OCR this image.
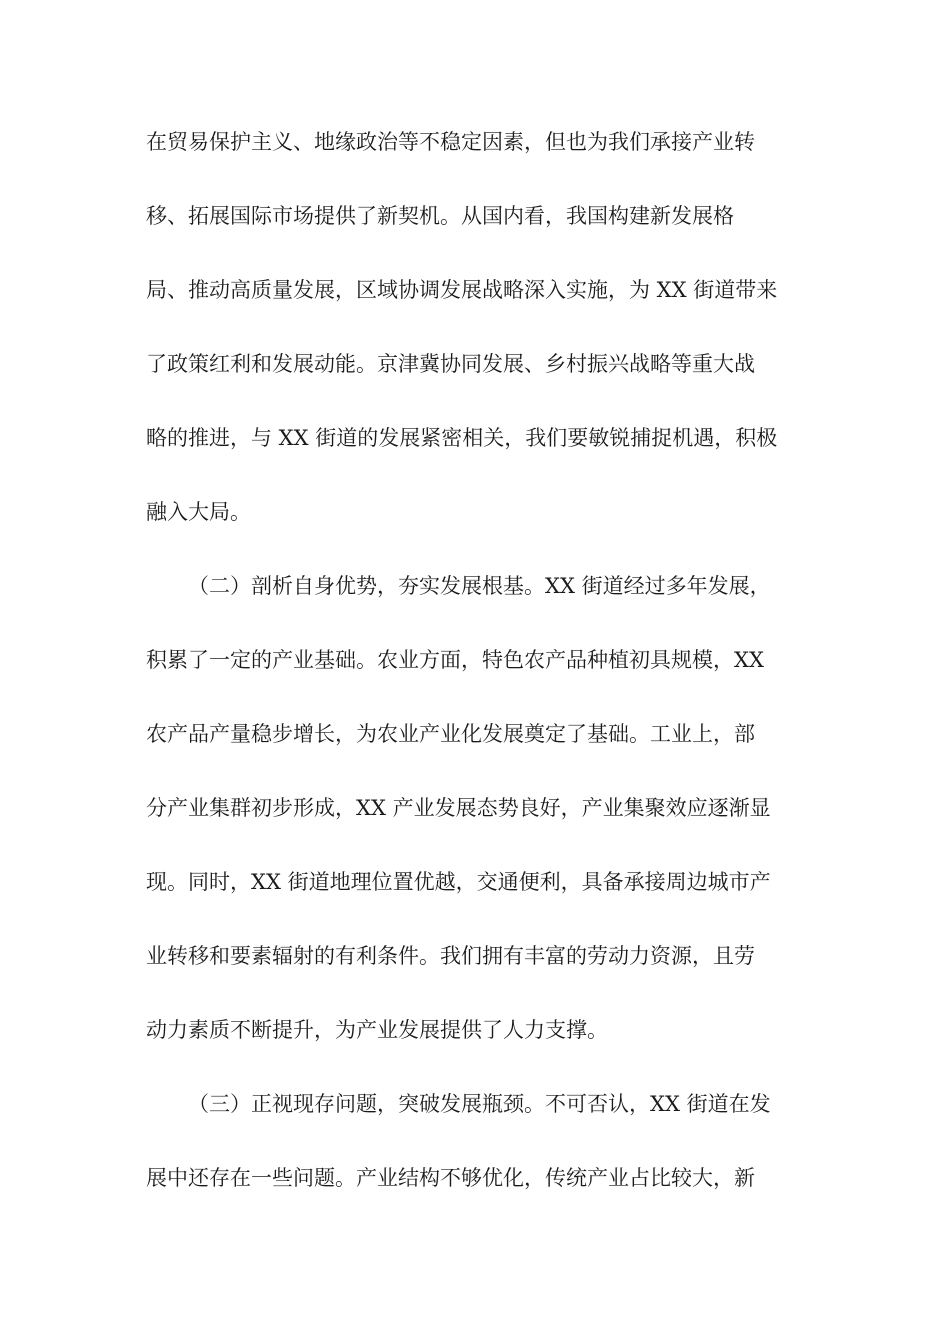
在贸易保护主义、地缘政治等不稳定因素，但也为我们承接产业转
移、拓展国际市场提供了新契机。从国内看，我国构建新发展格
局、推动高质量发展，区域协调发展战略深入实施，为 XX 街道带来
了政策红利和发展动能。京津冀协同发展、乡村振兴战略等重大战
略的推进，与 XX 街道的发展紧密相关，我们要敏锐捕捉机遇，积极
融入大局。
（二）剖析自身优势，夯实发展根基。XX 街道经过多年发展，
积累了一定的产业基础。农业方面，特色农产品种植初具规模，XX
农产品产量稳步增长，为农业产业化发展奠定了基础。工业上，部
分产业集群初步形成，XX 产业发展态势良好，产业集聚效应逐渐显
现。同时，XX 街道地理位置优越，交通便利，具备承接周边城市产
业转移和要素辐射的有利条件。我们拥有丰富的劳动力资源，且劳
动力素质不断提升，为产业发展提供了人力支撑。
（三）正视现存问题，突破发展瓶颈。不可否认，XX 街道在发
展中还存在一些问题。产业结构不够优化，传统产业占比较大，新
